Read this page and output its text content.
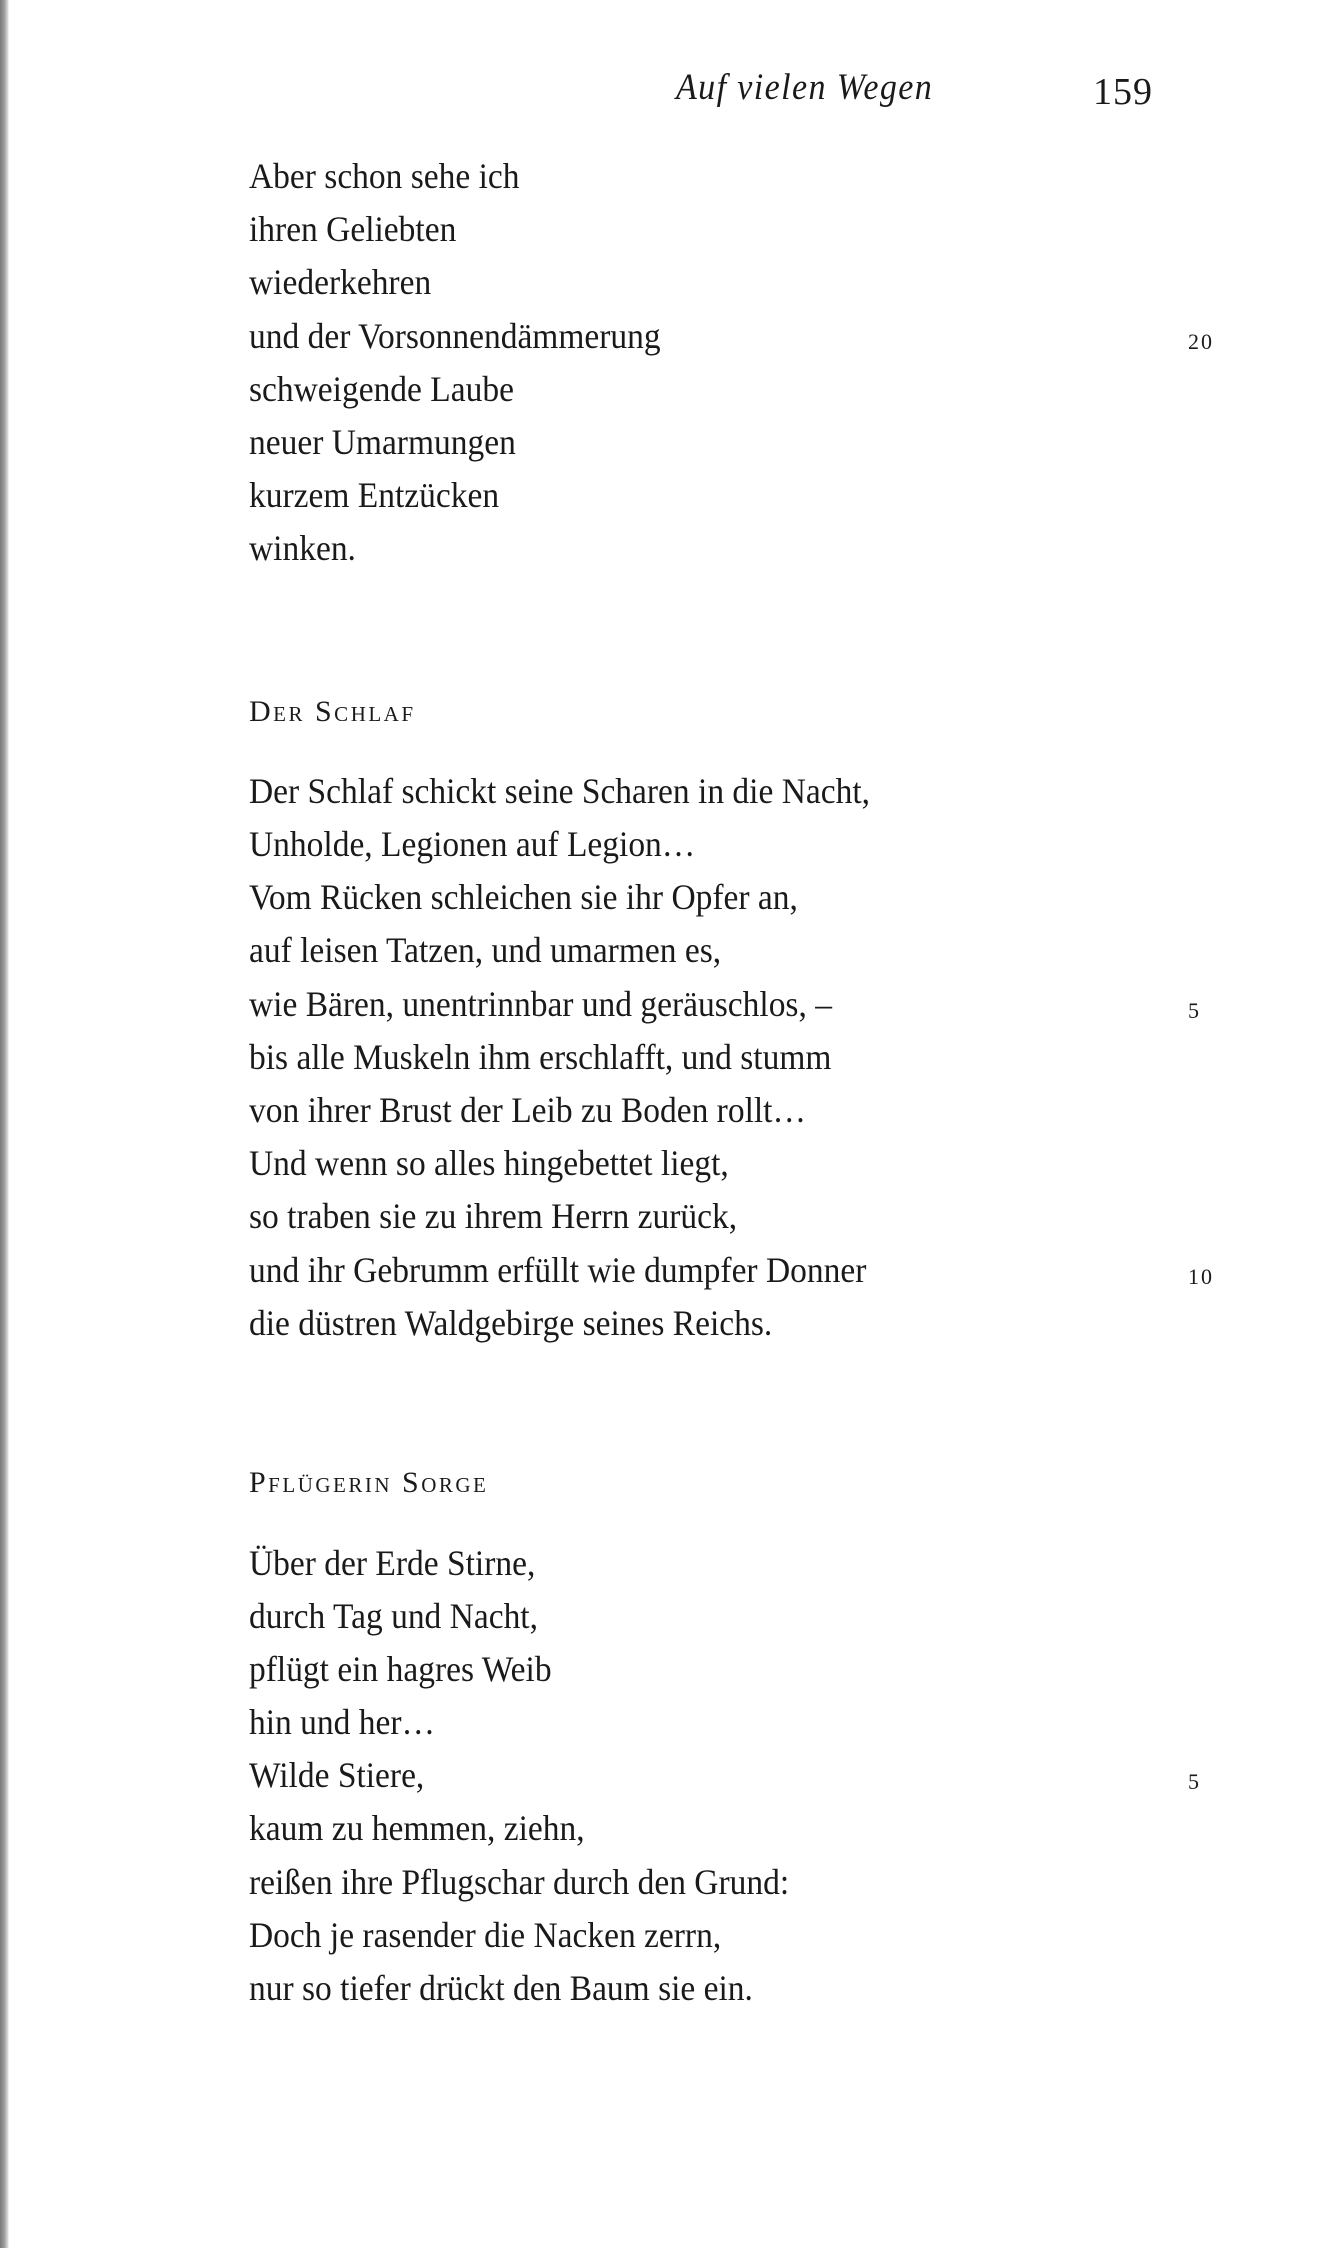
Auf vielen Wegen	159
Aber schon sehe ich
ihren Geliebten
wiederkehren
und der Vorsonnendämmerung	20
schweigende Laube
neuer Umarmungen
kurzem Entzücken
winken.
Der Schlaf
Der Schlaf schickt seine Scharen in die Nacht,
Unholde, Legionen auf Legion…
Vom Rücken schleichen sie ihr Opfer an,
auf leisen Tatzen, und umarmen es,
wie Bären, unentrinnbar und geräuschlos, –	5
bis alle Muskeln ihm erschlafft, und stumm
von ihrer Brust der Leib zu Boden rollt…
Und wenn so alles hingebettet liegt,
so traben sie zu ihrem Herrn zurück,
und ihr Gebrumm erfüllt wie dumpfer Donner	10
die düstren Waldgebirge seines Reichs.
Pflügerin Sorge
Über der Erde Stirne,
durch Tag und Nacht,
pflügt ein hagres Weib
hin und her…
Wilde Stiere,	5
kaum zu hemmen, ziehn,
reißen ihre Pflugschar durch den Grund:
Doch je rasender die Nacken zerrn,
nur so tiefer drückt den Baum sie ein.
